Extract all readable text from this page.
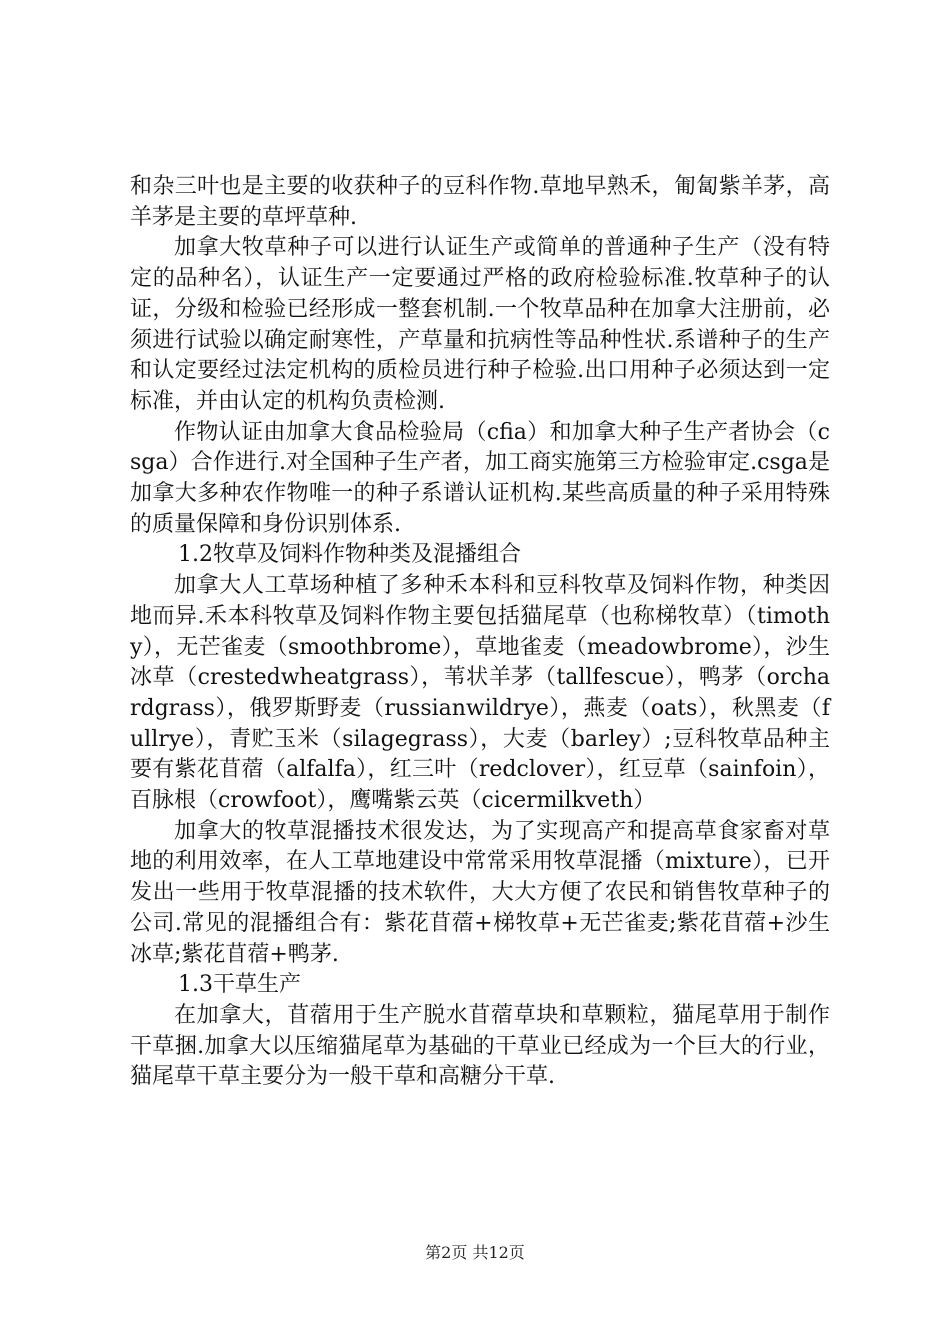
和杂三叶也是主要的收获种子的豆科作物.草地早熟禾，匍匐紫羊茅，高羊茅是主要的草坪草种.

加拿大牧草种子可以进行认证生产或简单的普通种子生产（没有特定的品种名），认证生产一定要通过严格的政府检验标准.牧草种子的认证，分级和检验已经形成一整套机制.一个牧草品种在加拿大注册前，必须进行试验以确定耐寒性，产草量和抗病性等品种性状.系谱种子的生产和认定要经过法定机构的质检员进行种子检验.出口用种子必须达到一定标准，并由认定的机构负责检测.

作物认证由加拿大食品检验局（cfia）和加拿大种子生产者协会（csga）合作进行.对全国种子生产者，加工商实施第三方检验审定.csga是加拿大多种农作物唯一的种子系谱认证机构.某些高质量的种子采用特殊的质量保障和身份识别体系.

1.2牧草及饲料作物种类及混播组合

加拿大人工草场种植了多种禾本科和豆科牧草及饲料作物，种类因地而异.禾本科牧草及饲料作物主要包括猫尾草（也称梯牧草）（timothy），无芒雀麦（smoothbrome），草地雀麦（meadowbrome），沙生冰草（crestedwheatgrass），苇状羊茅（tallfescue），鸭茅（orchardgrass），俄罗斯野麦（russianwildrye），燕麦（oats），秋黑麦（fullrye），青贮玉米（silagegrass），大麦（barley）;豆科牧草品种主要有紫花苜蓿（alfalfa），红三叶（redclover），红豆草（sainfoin），百脉根（crowfoot），鹰嘴紫云英（cicermilkveth）

加拿大的牧草混播技术很发达，为了实现高产和提高草食家畜对草地的利用效率，在人工草地建设中常常采用牧草混播（mixture），已开发出一些用于牧草混播的技术软件，大大方便了农民和销售牧草种子的公司.常见的混播组合有：紫花苜蓿+梯牧草+无芒雀麦;紫花苜蓿+沙生冰草;紫花苜蓿+鸭茅.

1.3干草生产

在加拿大，苜蓿用于生产脱水苜蓿草块和草颗粒，猫尾草用于制作干草捆.加拿大以压缩猫尾草为基础的干草业已经成为一个巨大的行业，猫尾草干草主要分为一般干草和高糖分干草.

第2页 共12页
